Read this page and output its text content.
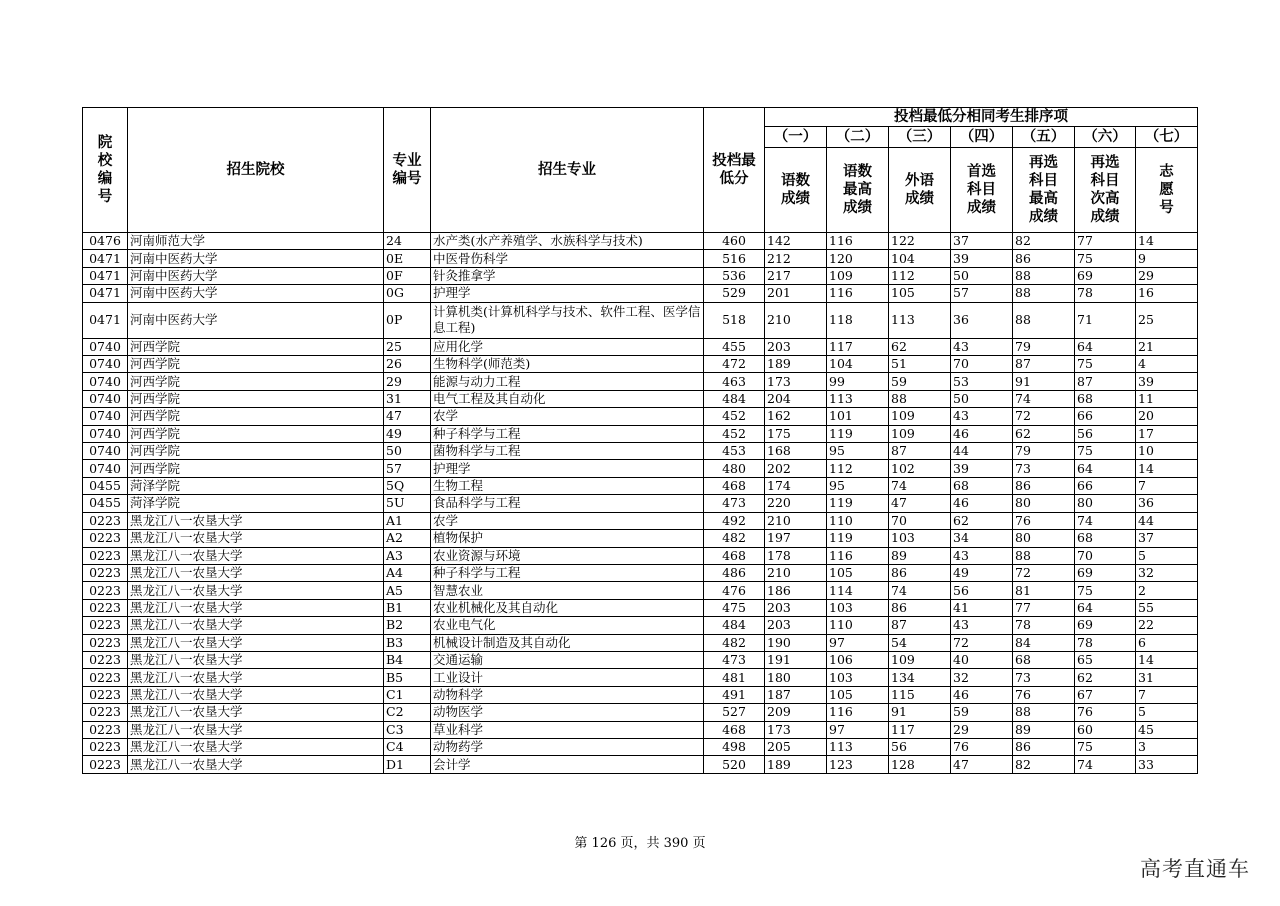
院校编号	招生院校	专业编号	招生专业	投档最低分	投档最低分相同考生排序项						
					（一）	（二）	（三）	（四）	（五）	（六）	（七）
					语数成绩	语数最高成绩	外语成绩	首选科目成绩	再选科目最高成绩	再选科目次高成绩	志愿号
0476	河南师范大学	24	水产类(水产养殖学、水族科学与技术)	460	142	116	122	37	82	77	14
0471	河南中医药大学	0E	中医骨伤科学	516	212	120	104	39	86	75	9
0471	河南中医药大学	0F	针灸推拿学	536	217	109	112	50	88	69	29
0471	河南中医药大学	0G	护理学	529	201	116	105	57	88	78	16
0471	河南中医药大学	0P	计算机类(计算机科学与技术、软件工程、医学信息工程)	518	210	118	113	36	88	71	25
0740	河西学院	25	应用化学	455	203	117	62	43	79	64	21
0740	河西学院	26	生物科学(师范类)	472	189	104	51	70	87	75	4
0740	河西学院	29	能源与动力工程	463	173	99	59	53	91	87	39
0740	河西学院	31	电气工程及其自动化	484	204	113	88	50	74	68	11
0740	河西学院	47	农学	452	162	101	109	43	72	66	20
0740	河西学院	49	种子科学与工程	452	175	119	109	46	62	56	17
0740	河西学院	50	菌物科学与工程	453	168	95	87	44	79	75	10
0740	河西学院	57	护理学	480	202	112	102	39	73	64	14
0455	菏泽学院	5Q	生物工程	468	174	95	74	68	86	66	7
0455	菏泽学院	5U	食品科学与工程	473	220	119	47	46	80	80	36
0223	黑龙江八一农垦大学	A1	农学	492	210	110	70	62	76	74	44
0223	黑龙江八一农垦大学	A2	植物保护	482	197	119	103	34	80	68	37
0223	黑龙江八一农垦大学	A3	农业资源与环境	468	178	116	89	43	88	70	5
0223	黑龙江八一农垦大学	A4	种子科学与工程	486	210	105	86	49	72	69	32
0223	黑龙江八一农垦大学	A5	智慧农业	476	186	114	74	56	81	75	2
0223	黑龙江八一农垦大学	B1	农业机械化及其自动化	475	203	103	86	41	77	64	55
0223	黑龙江八一农垦大学	B2	农业电气化	484	203	110	87	43	78	69	22
0223	黑龙江八一农垦大学	B3	机械设计制造及其自动化	482	190	97	54	72	84	78	6
0223	黑龙江八一农垦大学	B4	交通运输	473	191	106	109	40	68	65	14
0223	黑龙江八一农垦大学	B5	工业设计	481	180	103	134	32	73	62	31
0223	黑龙江八一农垦大学	C1	动物科学	491	187	105	115	46	76	67	7
0223	黑龙江八一农垦大学	C2	动物医学	527	209	116	91	59	88	76	5
0223	黑龙江八一农垦大学	C3	草业科学	468	173	97	117	29	89	60	45
0223	黑龙江八一农垦大学	C4	动物药学	498	205	113	56	76	86	75	3
0223	黑龙江八一农垦大学	D1	会计学	520	189	123	128	47	82	74	33
第 126 页，共 390 页
高考直通车
